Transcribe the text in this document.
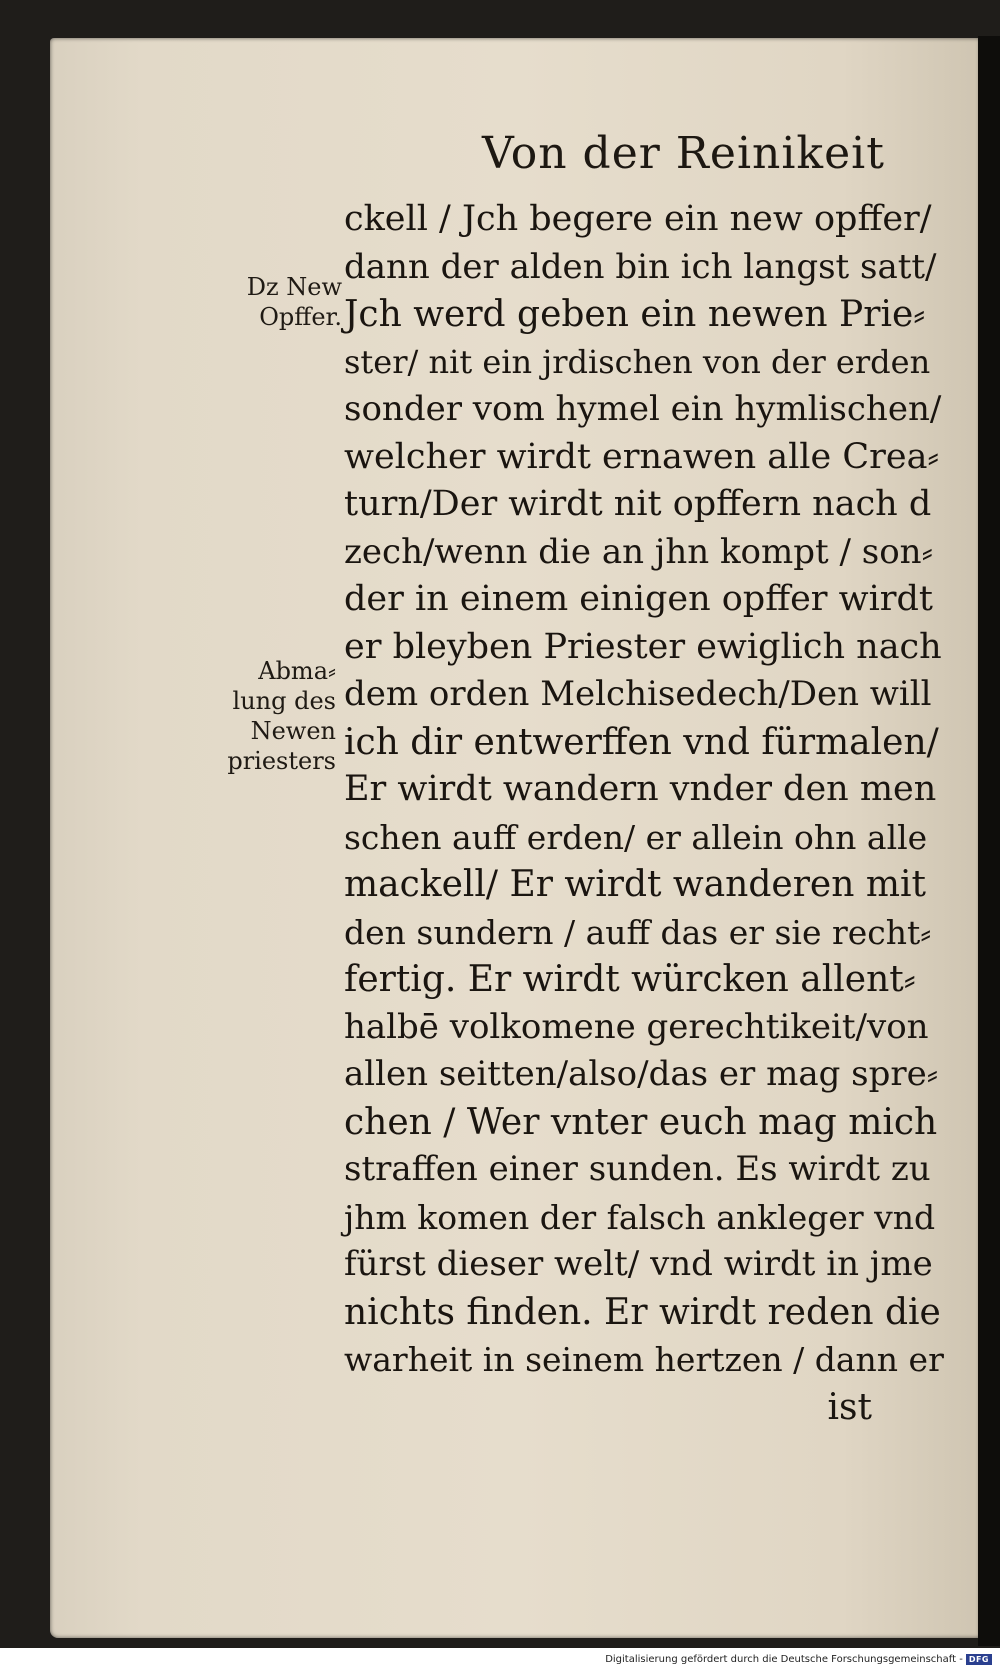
Von der Reinikeit
Dz New
Opffer.
Abma⸗
lung des
Newen
priesters
ckell / Jch begere ein new opffer/
dann der alden bin ich langst satt/
Jch werd geben ein newen Prie⸗
ster/ nit ein jrdischen von der erden
sonder vom hymel ein hymlischen/
welcher wirdt ernawen alle Crea⸗
turn/Der wirdt nit opffern nach d
zech/wenn die an jhn kompt / son⸗
der in einem einigen opffer wirdt
er bleyben Priester ewiglich nach
dem orden Melchisedech/Den will
ich dir entwerffen vnd fürmalen/
Er wirdt wandern vnder den men
schen auff erden/ er allein ohn alle
mackell/ Er wirdt wanderen mit
den sundern / auff das er sie recht⸗
fertig. Er wirdt würcken allent⸗
halbē volkomene gerechtikeit/von
allen seitten/also/das er mag spre⸗
chen / Wer vnter euch mag mich
straffen einer sunden. Es wirdt zu
jhm komen der falsch ankleger vnd
fürst dieser welt/ vnd wirdt in jme
nichts finden. Er wirdt reden die
warheit in seinem hertzen / dann er
ist
Digitalisierung gefördert durch die Deutsche Forschungsgemeinschaft - DFG
